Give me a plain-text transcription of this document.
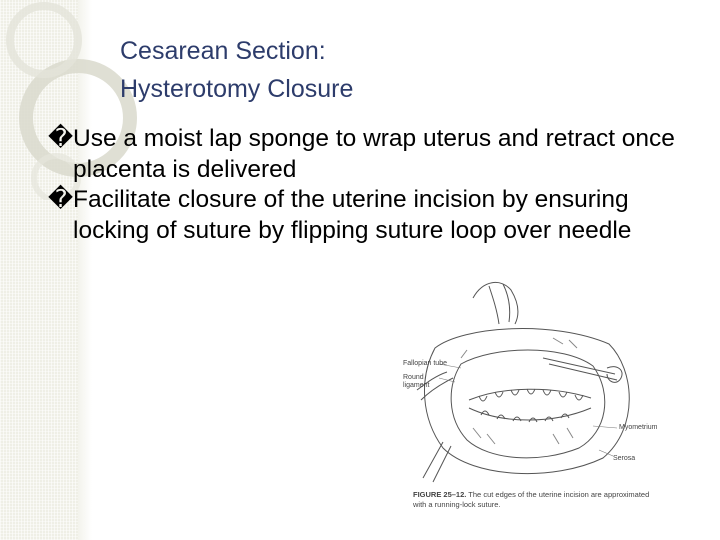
Cesarean Section:
Hysterotomy Closure
� Use a moist lap sponge to wrap uterus and retract once placenta is delivered
� Facilitate closure of the uterine incision by ensuring locking of suture by flipping suture loop over needle
Fallopian tube
Round
ligament
Myometrium
Serosa
FIGURE 25–12. The cut edges of the uterine incision are approximated with a running-lock suture.
